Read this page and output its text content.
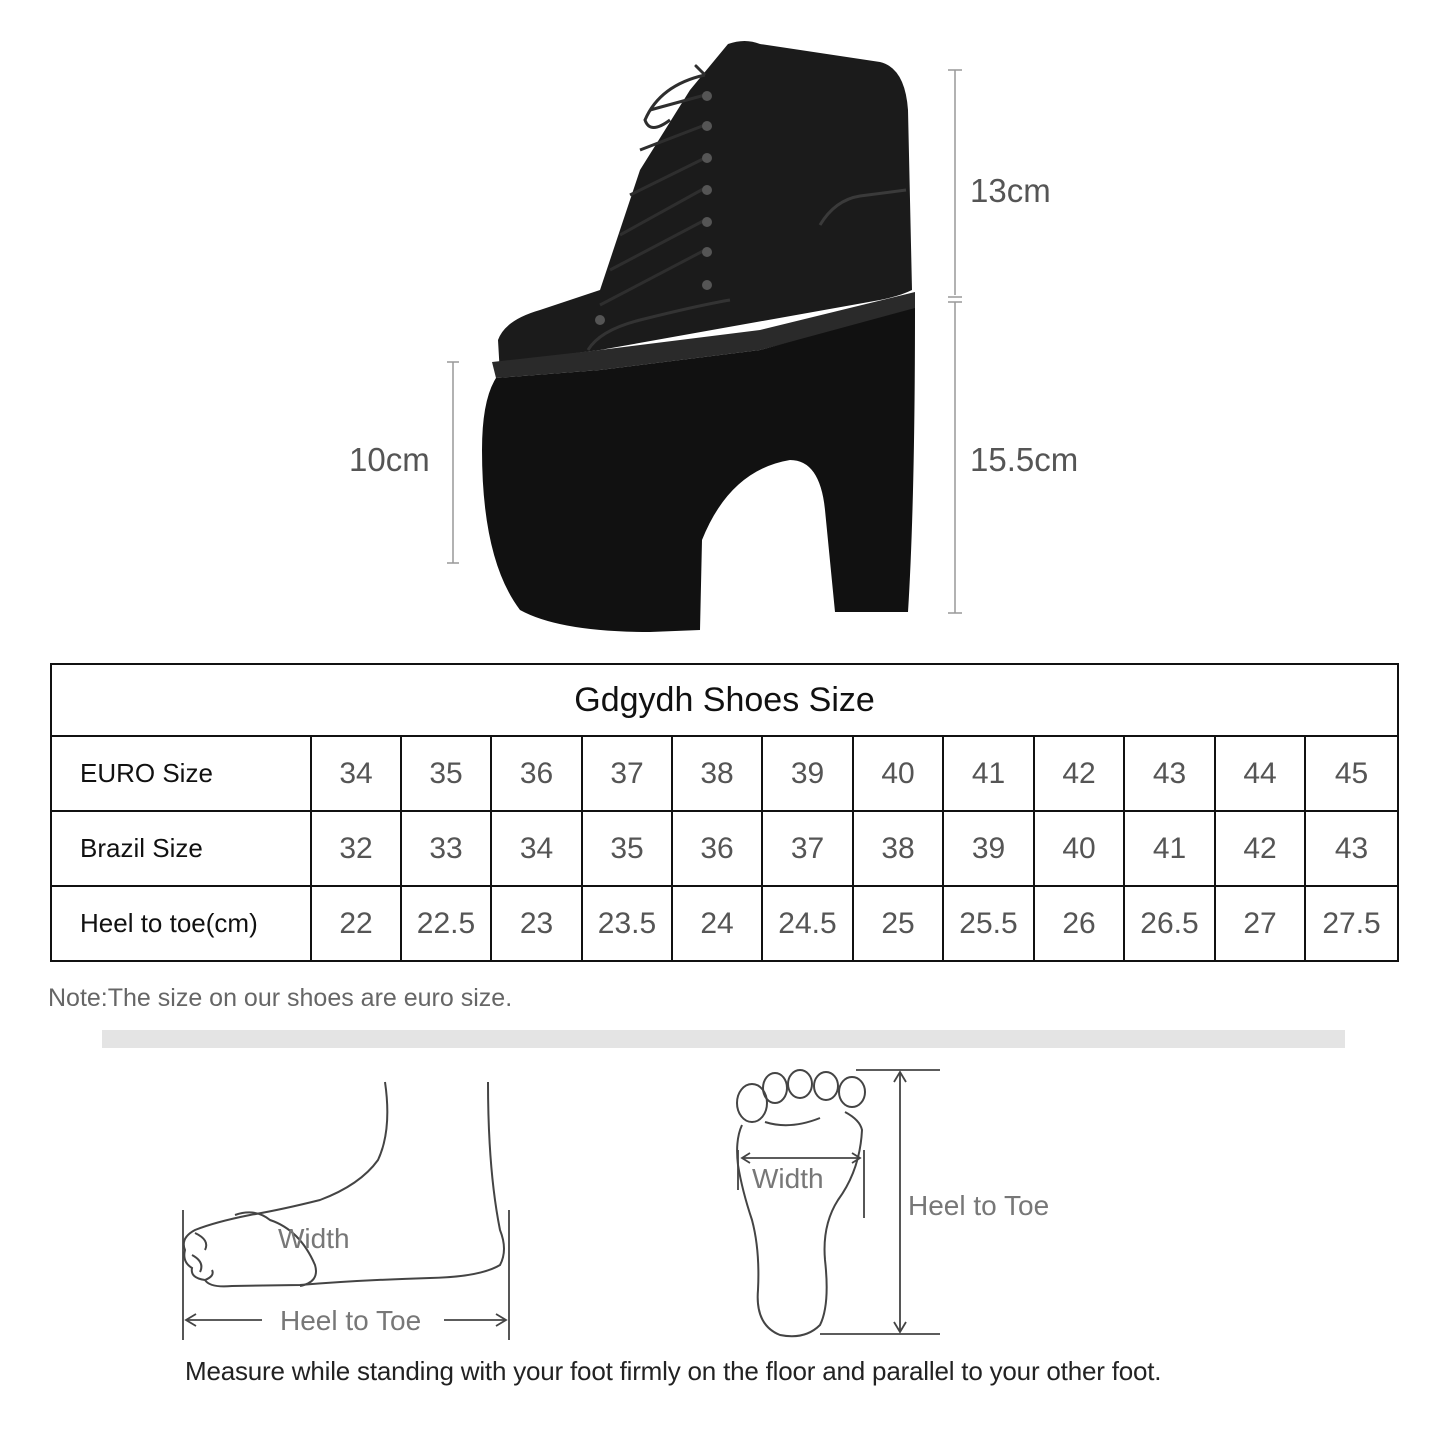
13cm
10cm	15.5cm
Gdgydh Shoes Size												
EURO Size	34	35	36	37	38	39	40	41	42	43	44	45
Brazil Size	32	33	34	35	36	37	38	39	40	41	42	43
Heel to toe(cm)	22	22.5	23	23.5	24	24.5	25	25.5	26	26.5	27	27.5
Note:The size on our shoes are euro size.
Width
Heel to Toe
Width
Heel to Toe
Measure while standing with your foot firmly on the floor and parallel to your other foot.
